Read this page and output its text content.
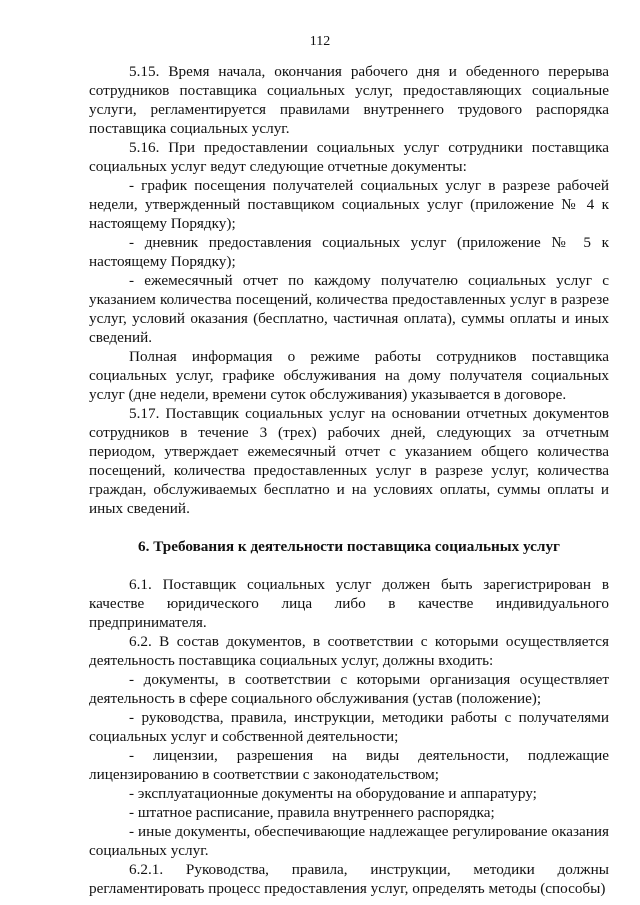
112

5.15. Время начала, окончания рабочего дня и обеденного перерыва сотрудников поставщика социальных услуг, предоставляющих социальные услуги, регламентируется правилами внутреннего трудового распорядка поставщика социальных услуг.

5.16. При предоставлении социальных услуг сотрудники поставщика социальных услуг ведут следующие отчетные документы:

- график посещения получателей социальных услуг в разрезе рабочей недели, утвержденный поставщиком социальных услуг (приложение № 4 к настоящему Порядку);

- дневник предоставления социальных услуг (приложение № 5 к настоящему Порядку);

- ежемесячный отчет по каждому получателю социальных услуг с указанием количества посещений, количества предоставленных услуг в разрезе услуг, условий оказания (бесплатно, частичная оплата), суммы оплаты и иных сведений.

Полная информация о режиме работы сотрудников поставщика социальных услуг, графике обслуживания на дому получателя социальных услуг (дне недели, времени суток обслуживания) указывается в договоре.

5.17. Поставщик социальных услуг на основании отчетных документов сотрудников в течение 3 (трех) рабочих дней, следующих за отчетным периодом, утверждает ежемесячный отчет с указанием общего количества посещений, количества предоставленных услуг в разрезе услуг, количества граждан, обслуживаемых бесплатно и на условиях оплаты, суммы оплаты и иных сведений.

6. Требования к деятельности поставщика социальных услуг

6.1. Поставщик социальных услуг должен быть зарегистрирован в качестве юридического лица либо в качестве индивидуального предпринимателя.

6.2. В состав документов, в соответствии с которыми осуществляется деятельность поставщика социальных услуг, должны входить:

- документы, в соответствии с которыми организация осуществляет деятельность в сфере социального обслуживания (устав (положение);

- руководства, правила, инструкции, методики работы с получателями социальных услуг и собственной деятельности;

- лицензии, разрешения на виды деятельности, подлежащие лицензированию в соответствии с законодательством;

- эксплуатационные документы на оборудование и аппаратуру;

- штатное расписание, правила внутреннего распорядка;

- иные документы, обеспечивающие надлежащее регулирование оказания социальных услуг.

6.2.1. Руководства, правила, инструкции, методики должны регламентировать процесс предоставления услуг, определять методы (способы)
